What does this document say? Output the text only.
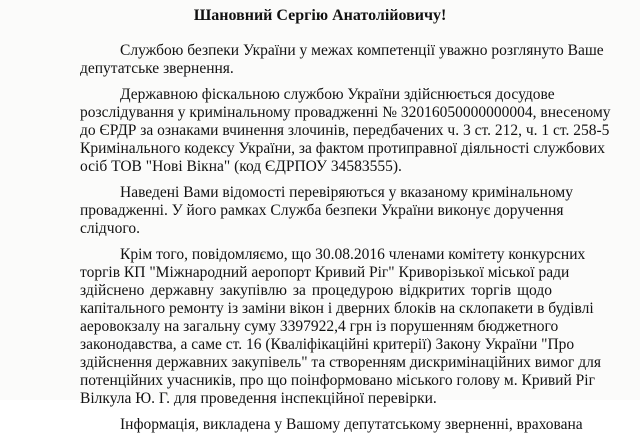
Шановний Сергію Анатолійовичу!
Службою безпеки України у межах компетенції уважно розглянуто Ваше
депутатське звернення.
Державною фіскальною службою України здійснюється досудове
розслідування у кримінальному провадженні № 32016050000000004, внесеному
до ЄРДР за ознаками вчинення злочинів, передбачених ч. 3 ст. 212, ч. 1 ст. 258-5
Кримінального кодексу України, за фактом протиправної діяльності службових
осіб ТОВ "Нові Вікна" (код ЄДРПОУ 34583555).
Наведені Вами відомості перевіряються у вказаному кримінальному
провадженні. У його рамках Служба безпеки України виконує доручення
слідчого.
Крім того, повідомляємо, що 30.08.2016 членами комітету конкурсних
торгів КП "Міжнародний аеропорт Кривий Ріг" Криворізької міської ради
здійснено державну закупівлю за процедурою відкритих торгів щодо
капітального ремонту із заміни вікон і дверних блоків на склопакети в будівлі
аеровокзалу на загальну суму 3397922,4 грн із порушенням бюджетного
законодавства, а саме ст. 16 (Кваліфікаційні критерії) Закону України "Про
здійснення державних закупівель" та створенням дискримінаційних вимог для
потенційних учасників, про що поінформовано міського голову м. Кривий Ріг
Вілкула Ю. Г. для проведення інспекційної перевірки.
Інформація, викладена у Вашому депутатському зверненні, врахована
